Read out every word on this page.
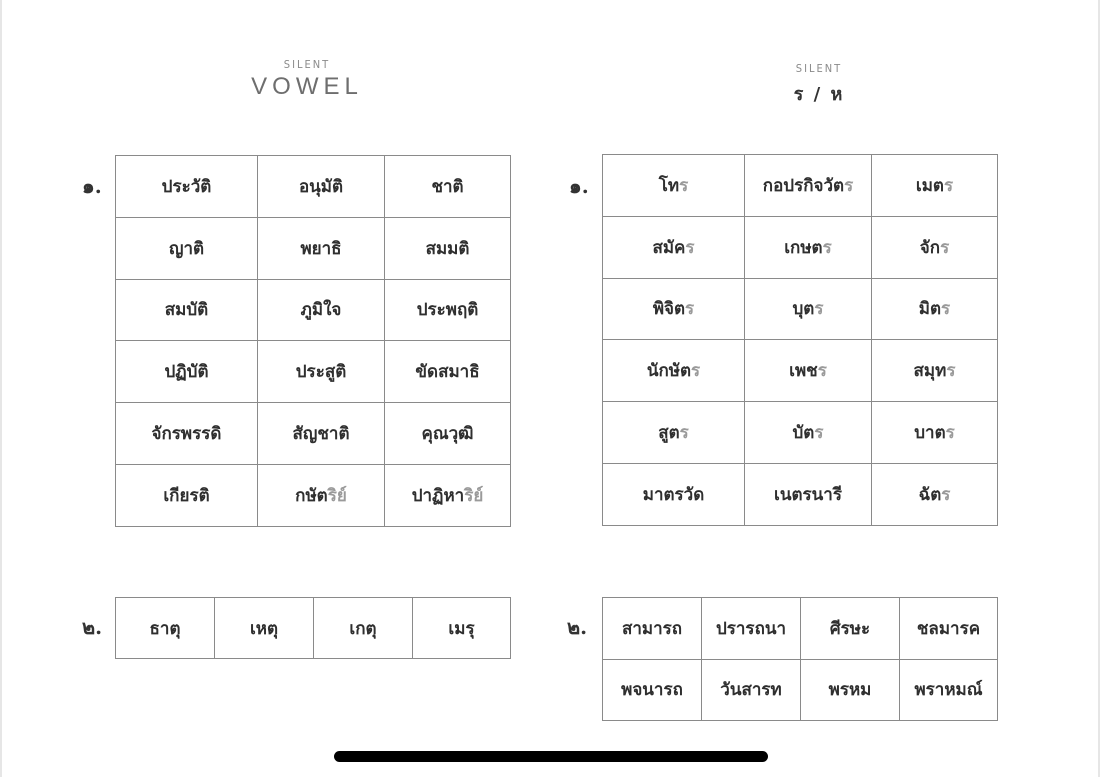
SILENT
VOWEL
SILENT
ร / ห
๑.	ประวัติ	อนุมัติ	ชาติ
ญาติ	พยาธิ	สมมติ
สมบัติ	ภูมิใจ	ประพฤติ
ปฏิบัติ	ประสูติ	ขัดสมาธิ
จักรพรรดิ	สัญชาติ	คุณวุฒิ
เกียรติ	กษัตริย์	ปาฏิหาริย์
๒.	ธาตุ	เหตุ	เกตุ	เมรุ
๑.	โทร	กอปรกิจวัตร	เมตร
สมัคร	เกษตร	จักร
พิจิตร	บุตร	มิตร
นักษัตร	เพชร	สมุทร
สูตร	บัตร	บาตร
มาตรวัด	เนตรนารี	ฉัตร
๒. สามารถ	ปรารถนา	ศีรษะ	ชลมารค
พจนารถ	วันสารท	พรหม	พราหมณ์
